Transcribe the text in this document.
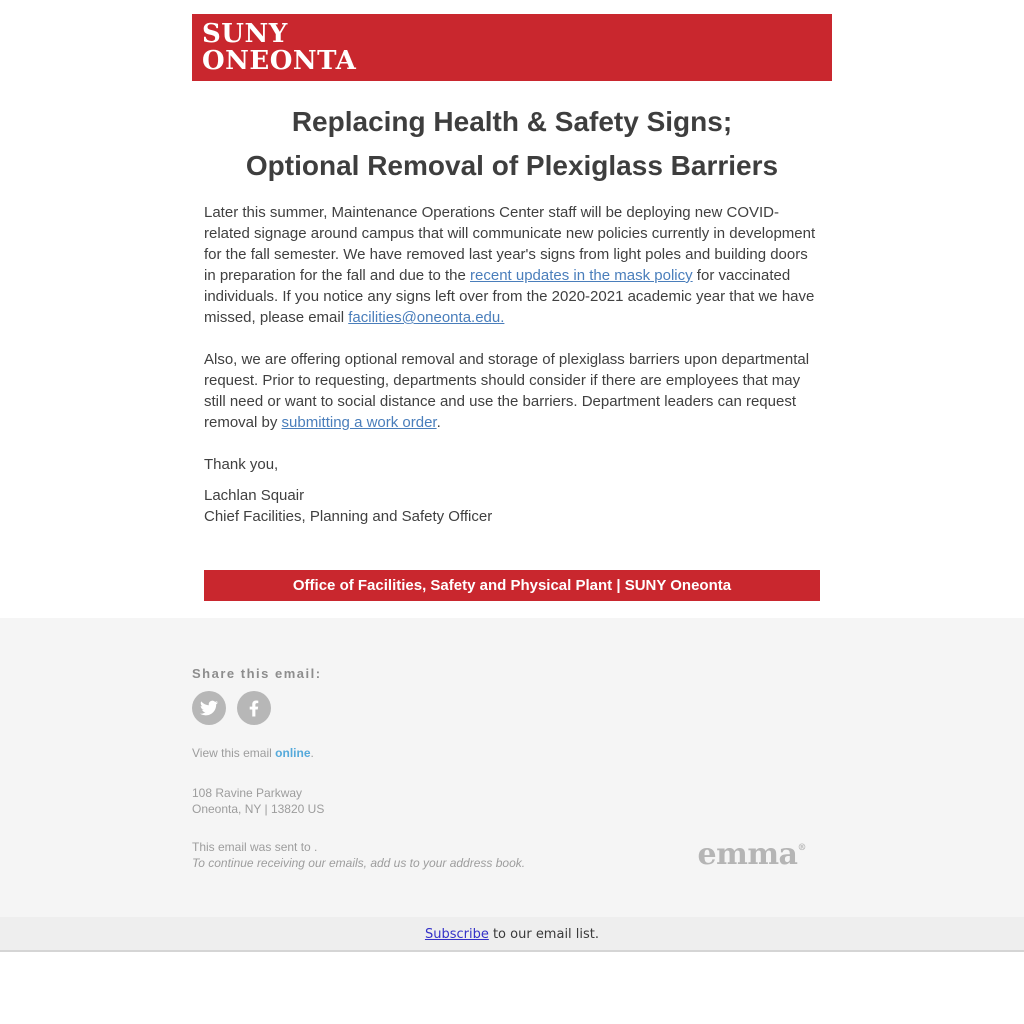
SUNY
ONEONTA
Replacing Health & Safety Signs;
Optional Removal of Plexiglass Barriers

Later this summer, Maintenance Operations Center staff will be deploying new COVID-related signage around campus that will communicate new policies currently in development for the fall semester. We have removed last year's signs from light poles and building doors in preparation for the fall and due to the recent updates in the mask policy for vaccinated individuals. If you notice any signs left over from the 2020-2021 academic year that we have missed, please email facilities@oneonta.edu.

Also, we are offering optional removal and storage of plexiglass barriers upon departmental request. Prior to requesting, departments should consider if there are employees that may still need or want to social distance and use the barriers. Department leaders can request removal by submitting a work order.

Thank you,

Lachlan Squair
Chief Facilities, Planning and Safety Officer

Office of Facilities, Safety and Physical Plant | SUNY Oneonta
Share this email:
View this email online.
108 Ravine Parkway
Oneonta, NY | 13820 US
This email was sent to .
To continue receiving our emails, add us to your address book.	emma®
Subscribe to our email list.
